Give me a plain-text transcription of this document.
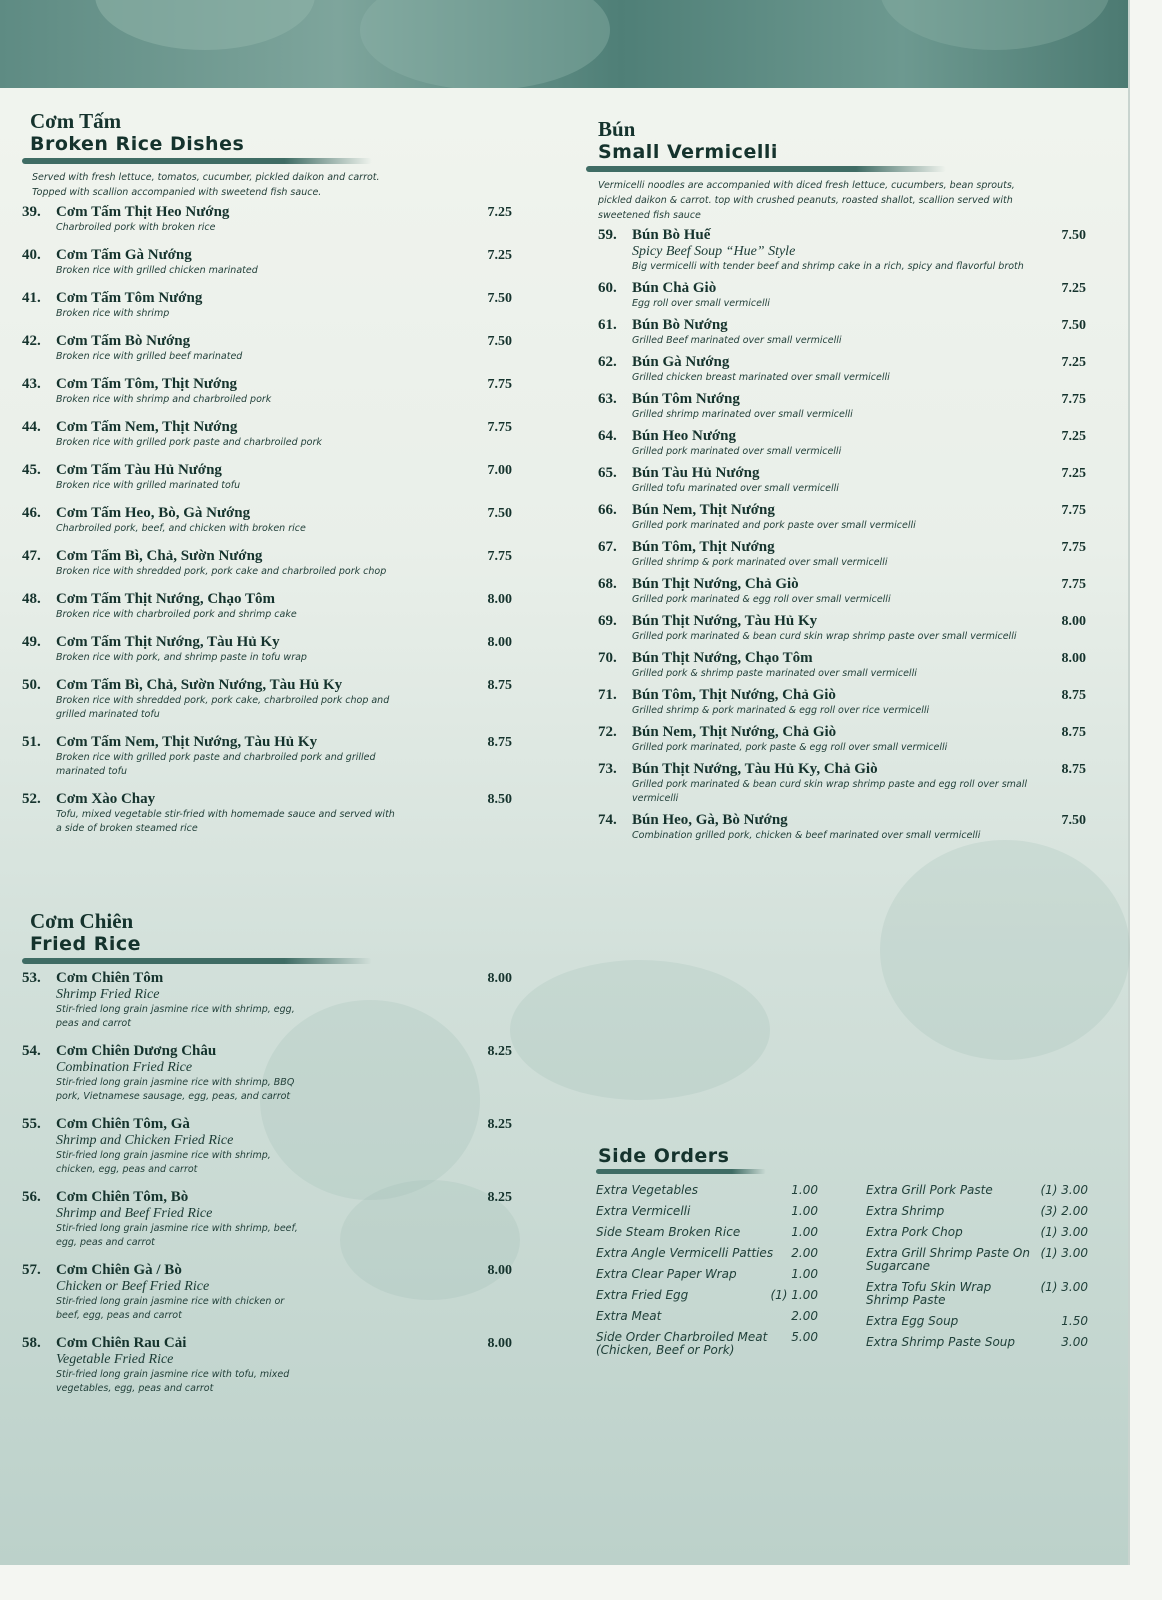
Cơm Tấm
Broken Rice Dishes
Served with fresh lettuce, tomatos, cucumber, pickled daikon and carrot. Topped with scallion accompanied with sweetend fish sauce.
39.	Cơm Tấm Thịt Heo Nướng	7.25
Charbroiled pork with broken rice
40.	Cơm Tấm Gà Nướng	7.25
Broken rice with grilled chicken marinated
41.	Cơm Tấm Tôm Nướng	7.50
Broken rice with shrimp
42.	Cơm Tấm Bò Nướng	7.50
Broken rice with grilled beef marinated
43.	Cơm Tấm Tôm, Thịt Nướng	7.75
Broken rice with shrimp and charbroiled pork
44.	Cơm Tấm Nem, Thịt Nướng	7.75
Broken rice with grilled pork paste and charbroiled pork
45.	Cơm Tấm Tàu Hủ Nướng	7.00
Broken rice with grilled marinated tofu
46.	Cơm Tấm Heo, Bò, Gà Nướng	7.50
Charbroiled pork, beef, and chicken with broken rice
47.	Cơm Tấm Bì, Chả, Sườn Nướng	7.75
Broken rice with shredded pork, pork cake and charbroiled pork chop
48.	Cơm Tấm Thịt Nướng, Chạo Tôm	8.00
Broken rice with charbroiled pork and shrimp cake
49.	Cơm Tấm Thịt Nướng, Tàu Hủ Ky	8.00
Broken rice with pork, and shrimp paste in tofu wrap
50.	Cơm Tấm Bì, Chả, Sườn Nướng, Tàu Hủ Ky	8.75
Broken rice with shredded pork, pork cake, charbroiled pork chop and grilled marinated tofu
51.	Cơm Tấm Nem, Thịt Nướng, Tàu Hủ Ky	8.75
Broken rice with grilled pork paste and charbroiled pork and grilled marinated tofu
52.	Cơm Xào Chay	8.50
Tofu, mixed vegetable stir-fried with homemade sauce and served with a side of broken steamed rice
Cơm Chiên
Fried Rice
53.	Cơm Chiên Tôm	8.00
Shrimp Fried Rice
Stir-fried long grain jasmine rice with shrimp, egg, peas and carrot
54.	Cơm Chiên Dương Châu	8.25
Combination Fried Rice
Stir-fried long grain jasmine rice with shrimp, BBQ pork, Vietnamese sausage, egg, peas, and carrot
55.	Cơm Chiên Tôm, Gà	8.25
Shrimp and Chicken Fried Rice
Stir-fried long grain jasmine rice with shrimp, chicken, egg, peas and carrot
56.	Cơm Chiên Tôm, Bò	8.25
Shrimp and Beef Fried Rice
Stir-fried long grain jasmine rice with shrimp, beef, egg, peas and carrot
57.	Cơm Chiên Gà / Bò	8.00
Chicken or Beef Fried Rice
Stir-fried long grain jasmine rice with chicken or beef, egg, peas and carrot
58.	Cơm Chiên Rau Cải	8.00
Vegetable Fried Rice
Stir-fried long grain jasmine rice with tofu, mixed vegetables, egg, peas and carrot
Bún
Small Vermicelli
Vermicelli noodles are accompanied with diced fresh lettuce, cucumbers, bean sprouts, pickled daikon & carrot. top with crushed peanuts, roasted shallot, scallion served with sweetened fish sauce
59.	Bún Bò Huế	7.50
Spicy Beef Soup “Hue” Style
Big vermicelli with tender beef and shrimp cake in a rich, spicy and flavorful broth
60.	Bún Chả Giò	7.25
Egg roll over small vermicelli
61.	Bún Bò Nướng	7.50
Grilled Beef marinated over small vermicelli
62.	Bún Gà Nướng	7.25
Grilled chicken breast marinated over small vermicelli
63.	Bún Tôm Nướng	7.75
Grilled shrimp marinated over small vermicelli
64.	Bún Heo Nướng	7.25
Grilled pork marinated over small vermicelli
65.	Bún Tàu Hủ Nướng	7.25
Grilled tofu marinated over small vermicelli
66.	Bún Nem, Thịt Nướng	7.75
Grilled pork marinated and pork paste over small vermicelli
67.	Bún Tôm, Thịt Nướng	7.75
Grilled shrimp & pork marinated over small vermicelli
68.	Bún Thịt Nướng, Chả Giò	7.75
Grilled pork marinated & egg roll over small vermicelli
69.	Bún Thịt Nướng, Tàu Hủ Ky	8.00
Grilled pork marinated & bean curd skin wrap shrimp paste over small vermicelli
70.	Bún Thịt Nướng, Chạo Tôm	8.00
Grilled pork & shrimp paste marinated over small vermicelli
71.	Bún Tôm, Thịt Nướng, Chả Giò	8.75
Grilled shrimp & pork marinated & egg roll over rice vermicelli
72.	Bún Nem, Thịt Nướng, Chả Giò	8.75
Grilled pork marinated, pork paste & egg roll over small vermicelli
73.	Bún Thịt Nướng, Tàu Hủ Ky, Chả Giò	8.75
Grilled pork marinated & bean curd skin wrap shrimp paste and egg roll over small vermicelli
74.	Bún Heo, Gà, Bò Nướng	7.50
Combination grilled pork, chicken & beef marinated over small vermicelli
Side Orders
Extra Vegetables	1.00
Extra Vermicelli	1.00
Side Steam Broken Rice	1.00
Extra Angle Vermicelli Patties	2.00
Extra Clear Paper Wrap	1.00
Extra Fried Egg	(1) 1.00
Extra Meat	2.00
Side Order Charbroiled Meat (Chicken, Beef or Pork)
5.00
Extra Grill Pork Paste	(1) 3.00
Extra Shrimp	(3) 2.00
Extra Pork Chop	(1) 3.00
Extra Grill Shrimp Paste On Sugarcane
(1) 3.00
Extra Tofu Skin Wrap Shrimp Paste
(1) 3.00
Extra Egg Soup	1.50
Extra Shrimp Paste Soup	3.00
